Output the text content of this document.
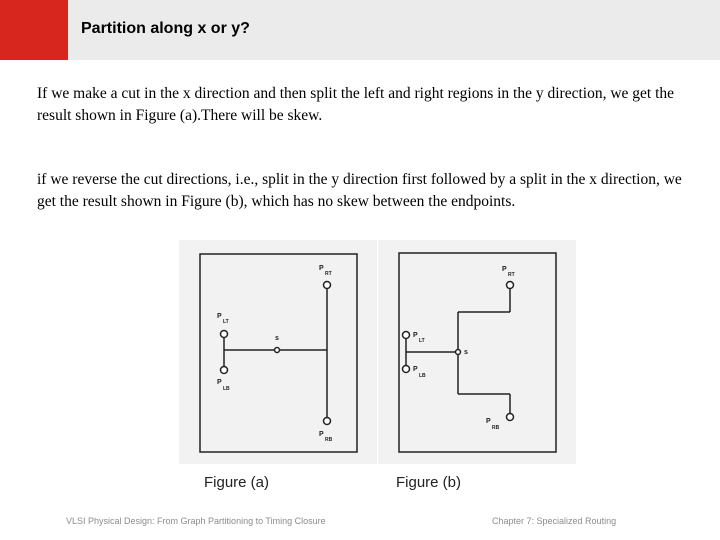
Partition along x or y?

If we make a cut in the x direction and then split the left and right regions in the y direction, we get the result shown in Figure (a).There will be skew.

if we reverse the cut directions, i.e., split in the y direction first followed by a split in the x direction, we get the result shown in Figure (b), which has no skew between the endpoints.

P
RT
P
LT
s
P
LB
P
RB
P
RT
P
LT
s
P
LB
P
RB
Figure (a)	Figure (b)
VLSI Physical Design: From Graph Partitioning to Timing Closure	Chapter 7: Specialized Routing
